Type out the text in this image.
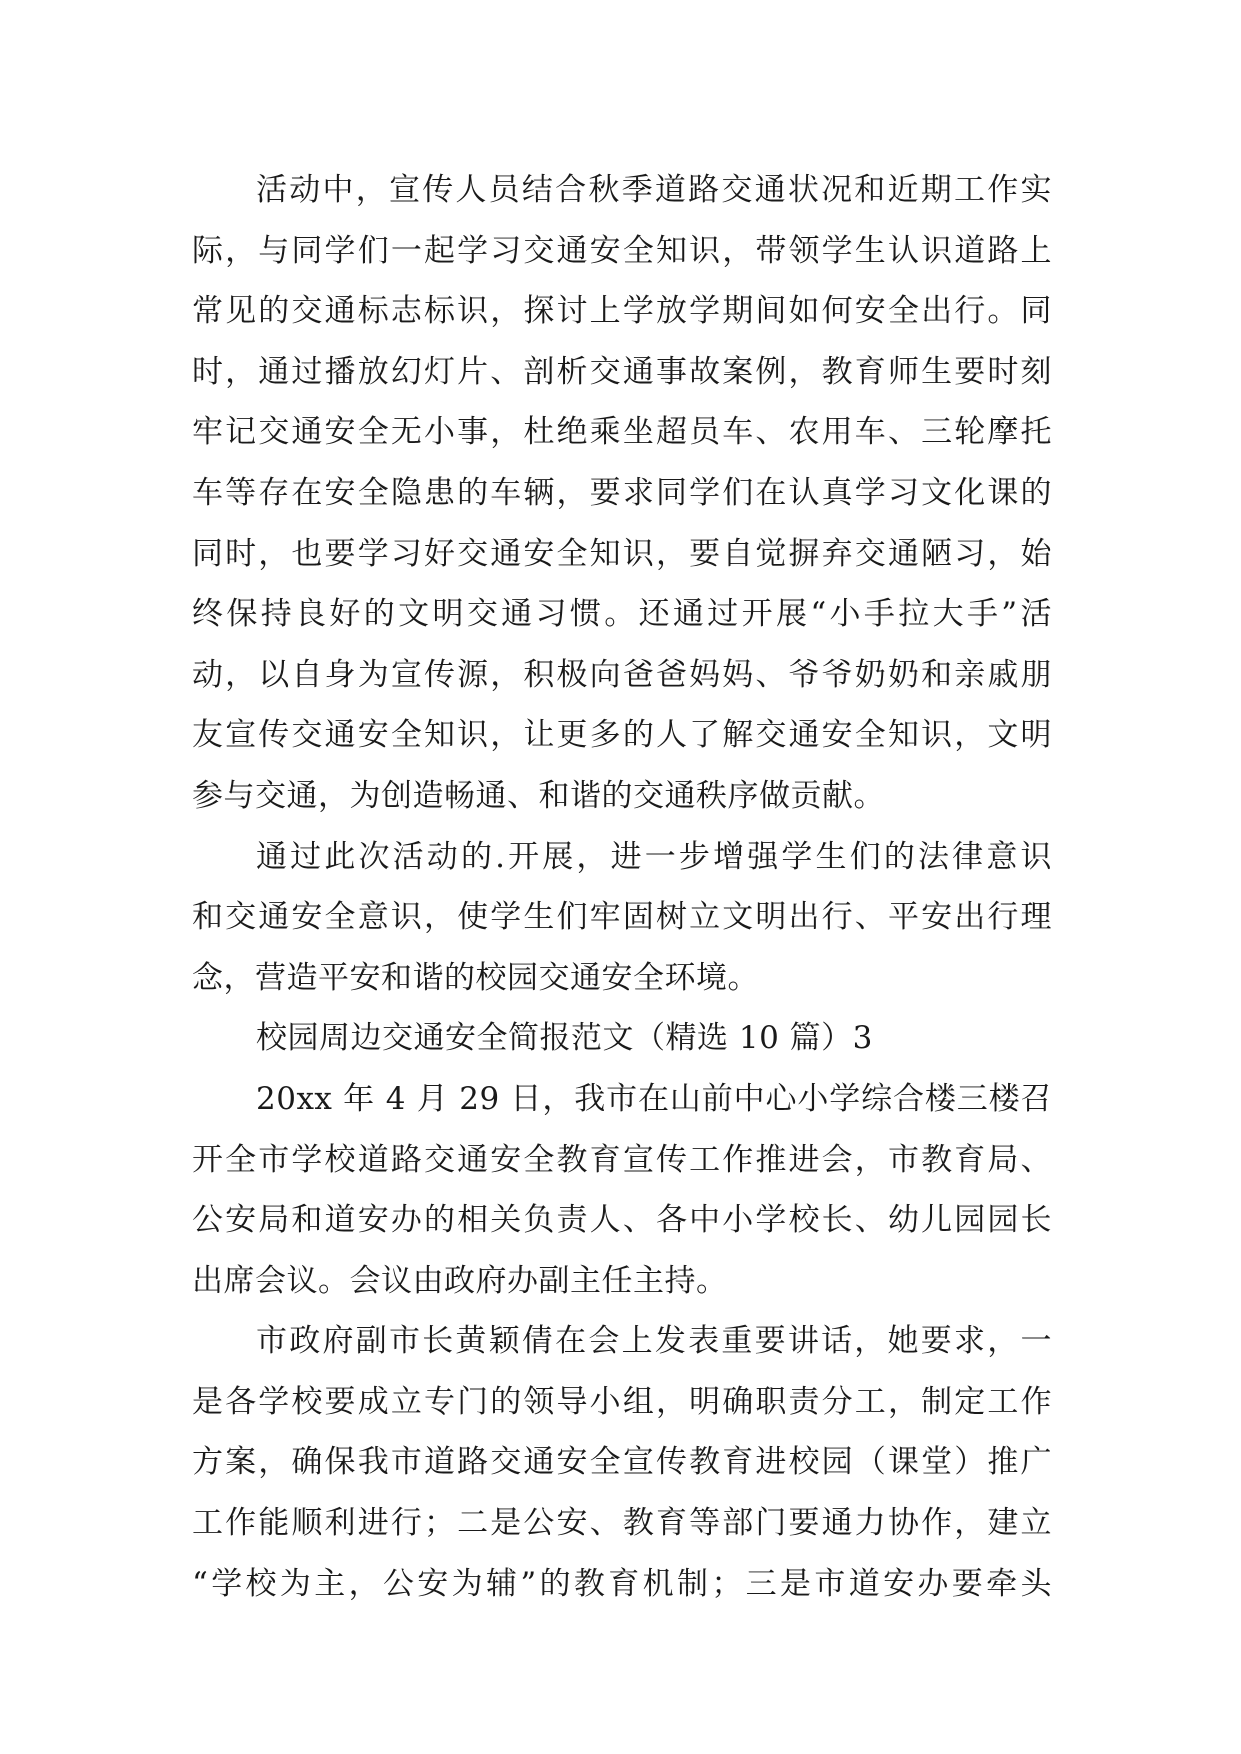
活动中，宣传人员结合秋季道路交通状况和近期工作实
际，与同学们一起学习交通安全知识，带领学生认识道路上
常见的交通标志标识，探讨上学放学期间如何安全出行。同
时，通过播放幻灯片、剖析交通事故案例，教育师生要时刻
牢记交通安全无小事，杜绝乘坐超员车、农用车、三轮摩托
车等存在安全隐患的车辆，要求同学们在认真学习文化课的
同时，也要学习好交通安全知识，要自觉摒弃交通陋习，始
终保持良好的文明交通习惯。还通过开展“小手拉大手”活
动，以自身为宣传源，积极向爸爸妈妈、爷爷奶奶和亲戚朋
友宣传交通安全知识，让更多的人了解交通安全知识，文明
参与交通，为创造畅通、和谐的交通秩序做贡献。
通过此次活动的.开展，进一步增强学生们的法律意识
和交通安全意识，使学生们牢固树立文明出行、平安出行理
念，营造平安和谐的校园交通安全环境。
校园周边交通安全简报范文（精选 10 篇）3
20xx 年 4 月 29 日，我市在山前中心小学综合楼三楼召
开全市学校道路交通安全教育宣传工作推进会，市教育局、
公安局和道安办的相关负责人、各中小学校长、幼儿园园长
出席会议。会议由政府办副主任主持。
市政府副市长黄颖倩在会上发表重要讲话，她要求，一
是各学校要成立专门的领导小组，明确职责分工，制定工作
方案，确保我市道路交通安全宣传教育进校园（课堂）推广
工作能顺利进行；二是公安、教育等部门要通力协作，建立
“学校为主，公安为辅”的教育机制；三是市道安办要牵头
